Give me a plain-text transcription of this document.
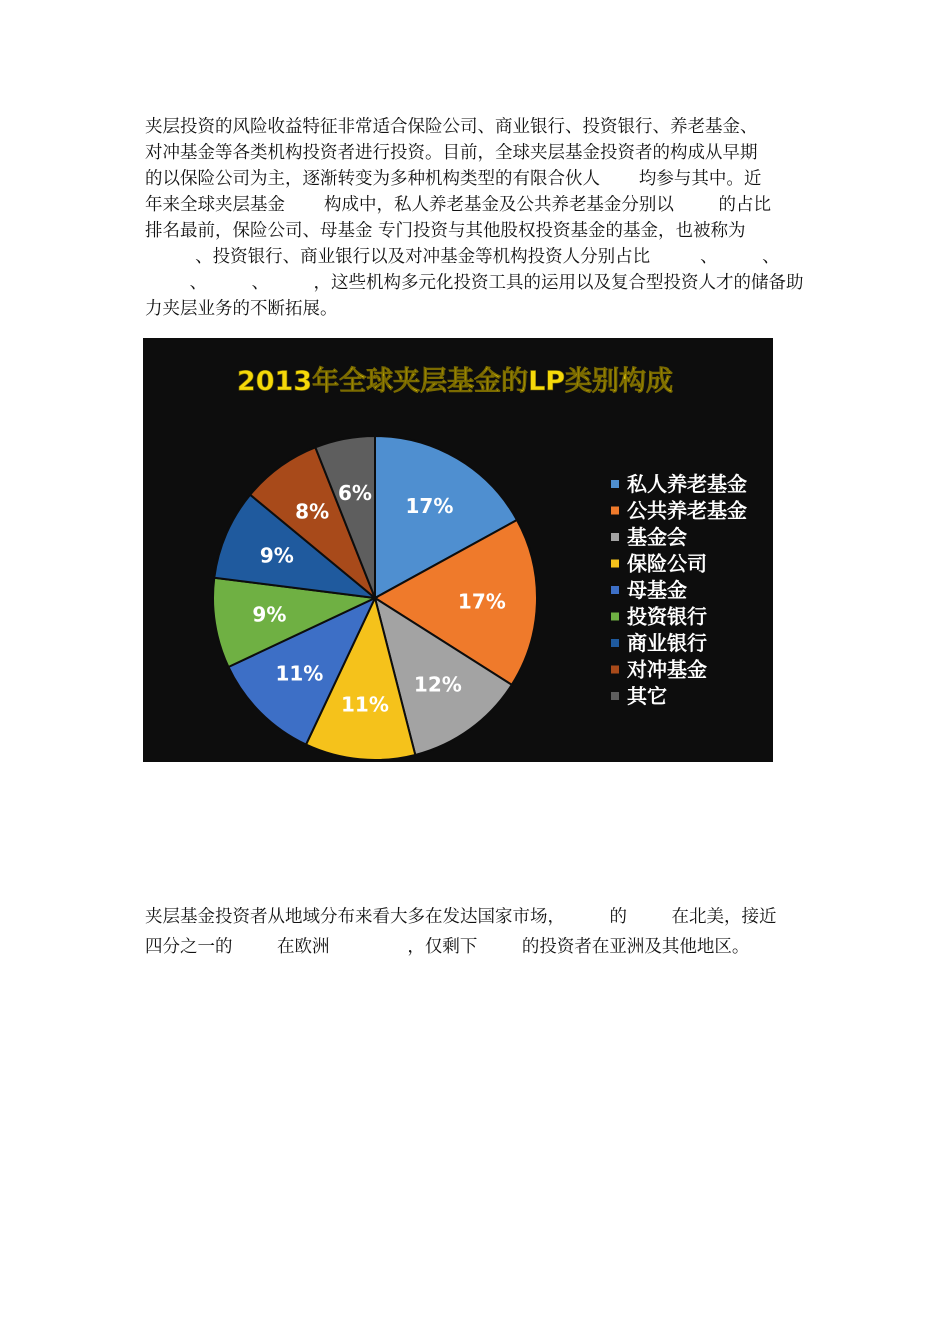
夹层投资的风险收益特征非常适合保险公司、商业银行、投资银行、养老基金、
对冲基金等各类机构投资者进行投资。目前，全球夹层基金投资者的构成从早期
的以保险公司为主，逐渐转变为多种机构类型的有限合伙人       均参与其中。近
年来全球夹层基金       构成中，私人养老基金及公共养老基金分别以        的占比
排名最前，保险公司、母基金 专门投资与其他股权投资基金的基金，也被称为
、投资银行、商业银行以及对冲基金等机构投资人分别占比         、        、
、        、        ，这些机构多元化投资工具的运用以及复合型投资人才的储备助
力夹层业务的不断拓展。
2013年全球夹层基金的LP类别构成
17%
17%
12%
11%
11%
9%
9%
8%
6%	私人养老基金
公共养老基金
基金会
保险公司
母基金
投资银行
商业银行
对冲基金
其它
夹层基金投资者从地域分布来看大多在发达国家市场，        的        在北美，接近
四分之一的        在欧洲              ，仅剩下        的投资者在亚洲及其他地区。
